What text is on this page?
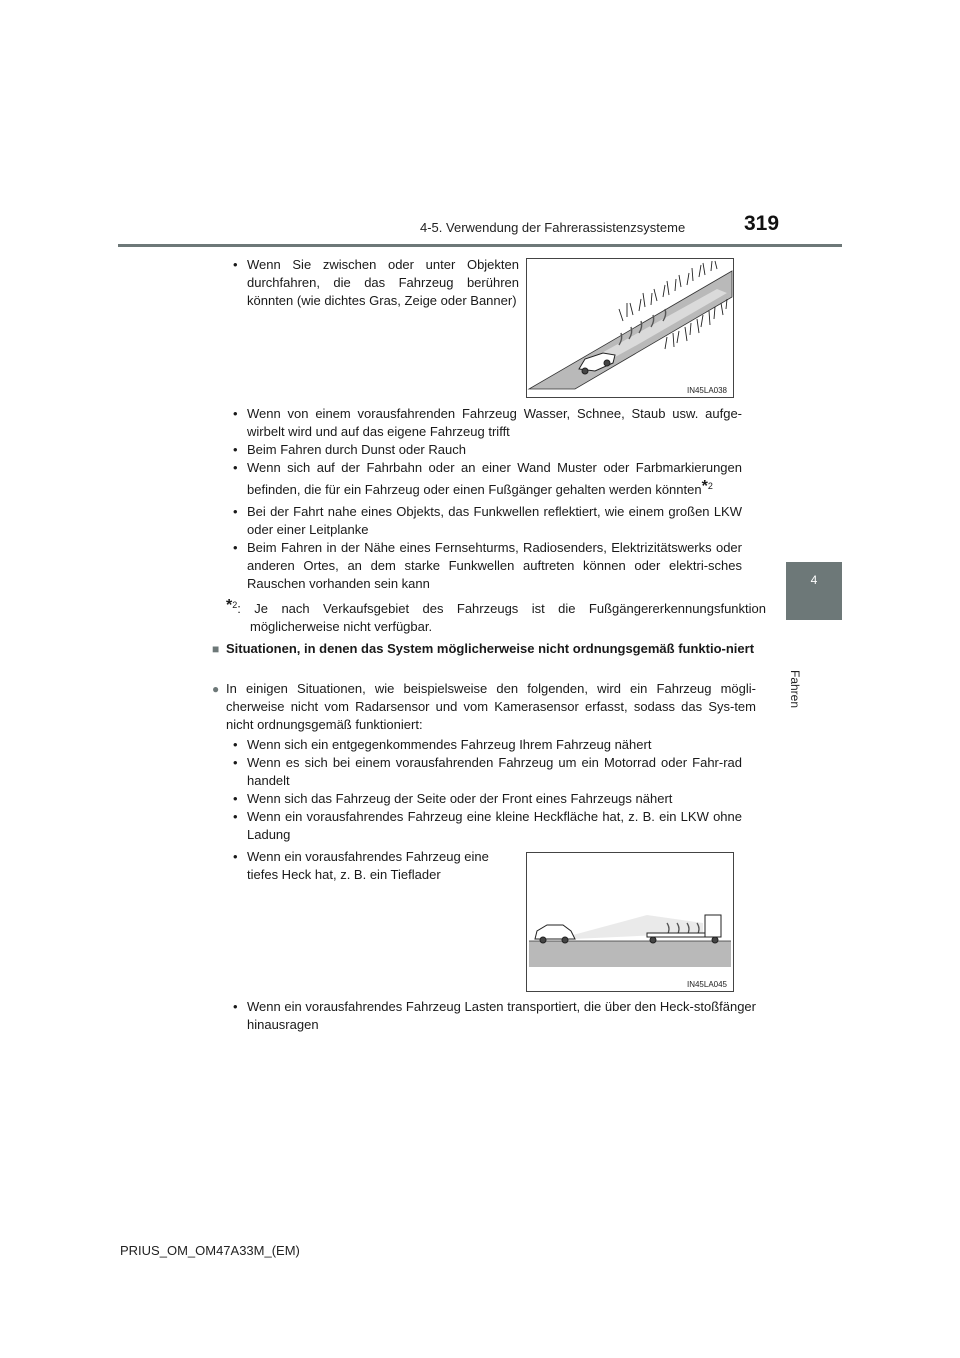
4-5. Verwendung der Fahrerassistenzsysteme	319
4
Fahren
• Wenn Sie zwischen oder unter Objekten durchfahren, die das Fahrzeug berühren könnten (wie dichtes Gras, Zeige oder Banner)
IN45LA038
• Wenn von einem vorausfahrenden Fahrzeug Wasser, Schnee, Staub usw. aufge-wirbelt wird und auf das eigene Fahrzeug trifft
• Beim Fahren durch Dunst oder Rauch
• Wenn sich auf der Fahrbahn oder an einer Wand Muster oder Farbmarkierungen befinden, die für ein Fahrzeug oder einen Fußgänger gehalten werden könnten*$^2$
• Bei der Fahrt nahe eines Objekts, das Funkwellen reflektiert, wie einem großen LKW oder einer Leitplanke
• Beim Fahren in der Nähe eines Fernsehturms, Radiosenders, Elektrizitätswerks oder anderen Ortes, an dem starke Funkwellen auftreten können oder elektri-sches Rauschen vorhanden sein kann
*$^2$: Je nach Verkaufsgebiet des Fahrzeugs ist die Fußgängererkennungsfunktion möglicherweise nicht verfügbar.
■ Situationen, in denen das System möglicherweise nicht ordnungsgemäß funktio-niert
● In einigen Situationen, wie beispielsweise den folgenden, wird ein Fahrzeug mögli-cherweise nicht vom Radarsensor und vom Kamerasensor erfasst, sodass das Sys-tem nicht ordnungsgemäß funktioniert:
• Wenn sich ein entgegenkommendes Fahrzeug Ihrem Fahrzeug nähert
• Wenn es sich bei einem vorausfahrenden Fahrzeug um ein Motorrad oder Fahr-rad handelt
• Wenn sich das Fahrzeug der Seite oder der Front eines Fahrzeugs nähert
• Wenn ein vorausfahrendes Fahrzeug eine kleine Heckfläche hat, z. B. ein LKW ohne Ladung
• Wenn ein vorausfahrendes Fahrzeug eine tiefes Heck hat, z. B. ein Tieflader
IN45LA045
• Wenn ein vorausfahrendes Fahrzeug Lasten transportiert, die über den Heck-stoßfänger hinausragen
PRIUS_OM_OM47A33M_(EM)
